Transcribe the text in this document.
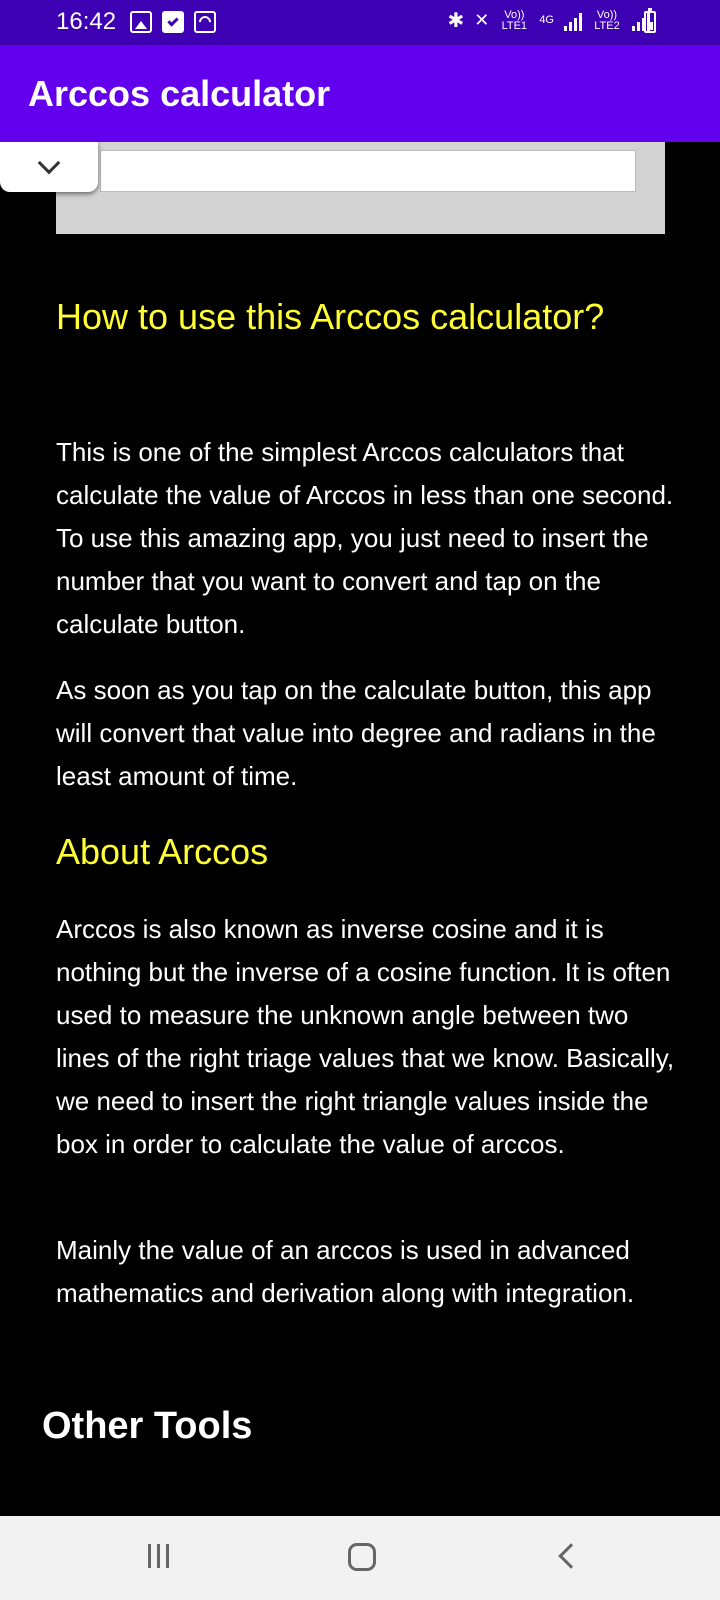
16:42	✱ ✕	Vo)) LTE1 4G	Vo)) LTE2
Arccos calculator
How to use this Arccos calculator?

This is one of the simplest Arccos calculators that calculate the value of Arccos in less than one second. To use this amazing app, you just need to insert the number that you want to convert and tap on the calculate button.

As soon as you tap on the calculate button, this app will convert that value into degree and radians in the least amount of time.

About Arccos

Arccos is also known as inverse cosine and it is nothing but the inverse of a cosine function. It is often used to measure the unknown angle between two lines of the right triage values that we know. Basically, we need to insert the right triangle values inside the box in order to calculate the value of arccos.

Mainly the value of an arccos is used in advanced mathematics and derivation along with integration.

Other Tools
